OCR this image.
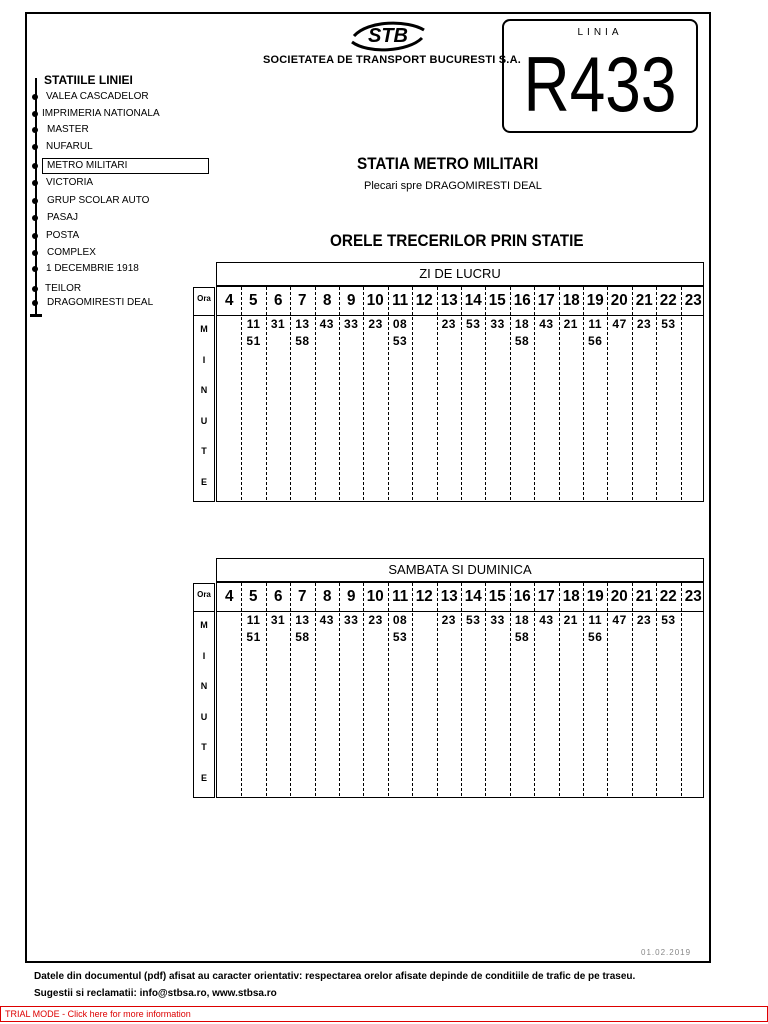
STB
SOCIETATEA DE TRANSPORT BUCURESTI S.A.
LINIA
R433
STATIILE LINIEI
VALEA CASCADELOR
IMPRIMERIA NATIONALA
MASTER
NUFARUL
METRO MILITARI
VICTORIA
GRUP SCOLAR AUTO
PASAJ
POSTA
COMPLEX
1 DECEMBRIE 1918
TEILOR
DRAGOMIRESTI DEAL
STATIA METRO MILITARI
Plecari spre DRAGOMIRESTI DEAL
ORELE TRECERILOR PRIN STATIE
ZI DE LUCRU
Ora
M
I
N
U
T
E
4 5 6 7 8 9 10 11 12 13 14 15 16 17 18 19 20 21 22 23
11
51
31 13
58
43 33 23 08
53
23 53 33 18
58
43 21 11
56
47 23 53
SAMBATA SI DUMINICA
Ora
M
I
N
U
T
E
4 5 6 7 8 9 10 11 12 13 14 15 16 17 18 19 20 21 22 23
11
51
31 13
58
43 33 23 08
53
23 53 33 18
58
43 21 11
56
47 23 53
01.02.2019
Datele din documentul (pdf) afisat au caracter orientativ: respectarea orelor afisate depinde de conditiile de trafic de pe traseu.
Sugestii si reclamatii: info@stbsa.ro, www.stbsa.ro
TRIAL MODE - Click here for more information
